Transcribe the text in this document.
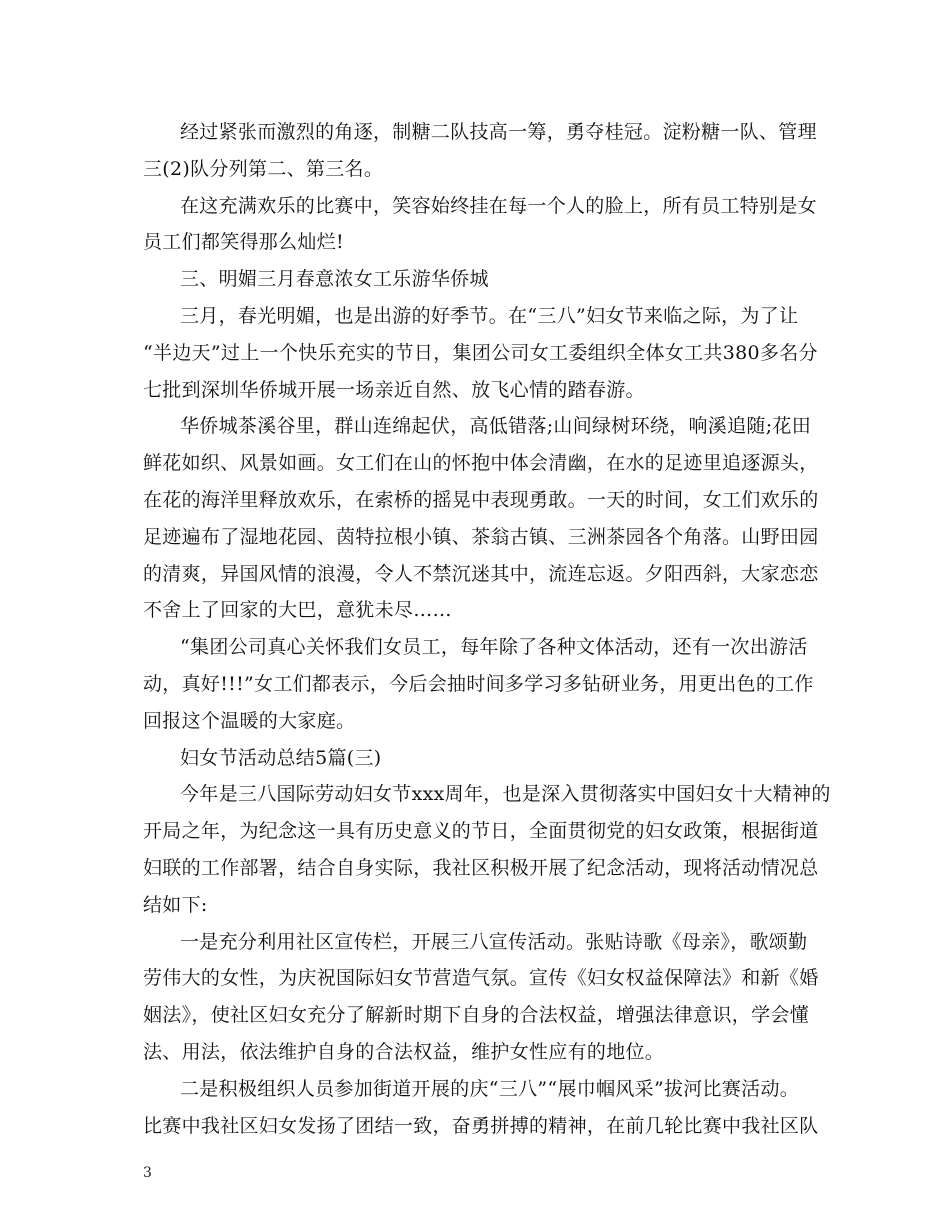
经过紧张而激烈的角逐，制糖二队技高一筹，勇夺桂冠。淀粉糖一队、管理
三(2)队分列第二、第三名。
在这充满欢乐的比赛中，笑容始终挂在每一个人的脸上，所有员工特别是女
员工们都笑得那么灿烂!
三、明媚三月春意浓女工乐游华侨城
三月，春光明媚，也是出游的好季节。在“三八”妇女节来临之际，为了让
“半边天”过上一个快乐充实的节日，集团公司女工委组织全体女工共380多名分
七批到深圳华侨城开展一场亲近自然、放飞心情的踏春游。
华侨城茶溪谷里，群山连绵起伏，高低错落;山间绿树环绕，响溪追随;花田
鲜花如织、风景如画。女工们在山的怀抱中体会清幽，在水的足迹里追逐源头，
在花的海洋里释放欢乐，在索桥的摇晃中表现勇敢。一天的时间，女工们欢乐的
足迹遍布了湿地花园、茵特拉根小镇、茶翁古镇、三洲茶园各个角落。山野田园
的清爽，异国风情的浪漫，令人不禁沉迷其中，流连忘返。夕阳西斜，大家恋恋
不舍上了回家的大巴，意犹未尽……
“集团公司真心关怀我们女员工，每年除了各种文体活动，还有一次出游活
动，真好!!!”女工们都表示，今后会抽时间多学习多钻研业务，用更出色的工作
回报这个温暖的大家庭。
妇女节活动总结5篇(三)
今年是三八国际劳动妇女节xxx周年，也是深入贯彻落实中国妇女十大精神的
开局之年，为纪念这一具有历史意义的节日，全面贯彻党的妇女政策，根据街道
妇联的工作部署，结合自身实际，我社区积极开展了纪念活动，现将活动情况总
结如下:
一是充分利用社区宣传栏，开展三八宣传活动。张贴诗歌《母亲》，歌颂勤
劳伟大的女性，为庆祝国际妇女节营造气氛。宣传《妇女权益保障法》和新《婚
姻法》，使社区妇女充分了解新时期下自身的合法权益，增强法律意识，学会懂
法、用法，依法维护自身的合法权益，维护女性应有的地位。
二是积极组织人员参加街道开展的庆“三八”“展巾帼风采”拔河比赛活动。
比赛中我社区妇女发扬了团结一致，奋勇拼搏的精神，在前几轮比赛中我社区队
3
